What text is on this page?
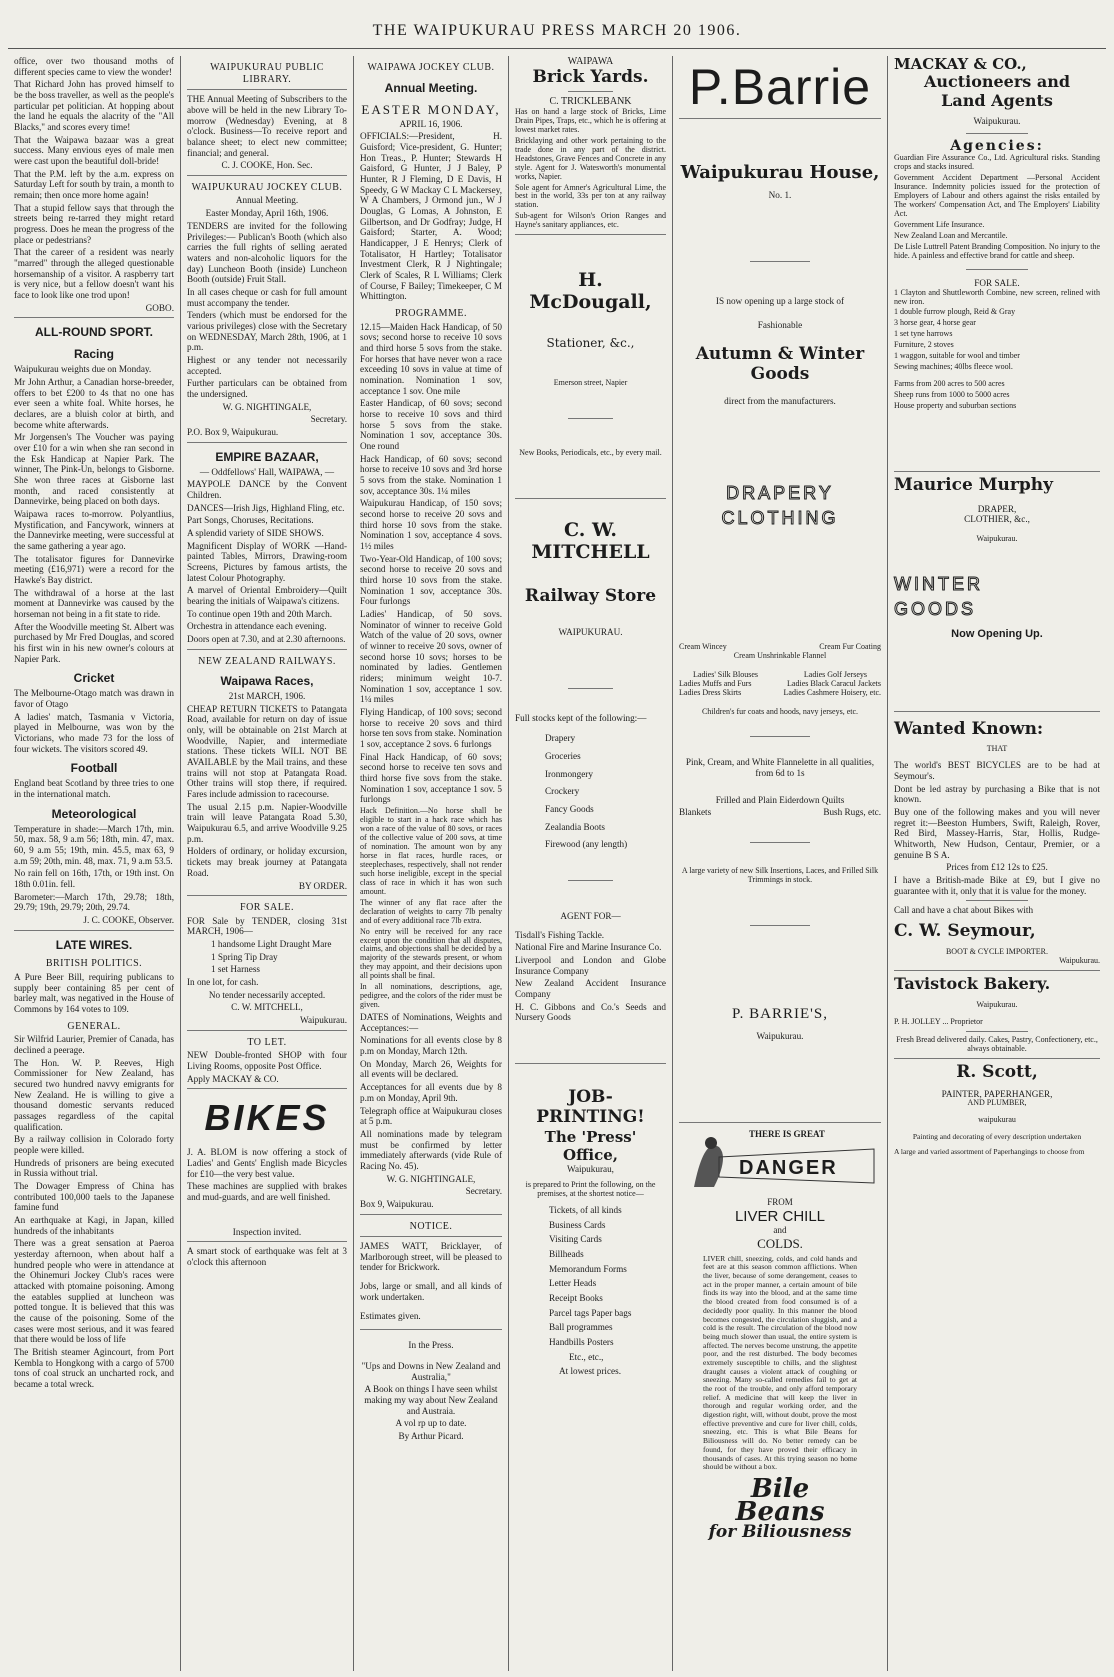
THE WAIPUKURAU PRESS MARCH 20 1906.

office, over two thousand moths of different species came to view the wonder!

That Richard John has proved himself to be the boss traveller, as well as the people's particular pet politician. At hopping about the land he equals the alacrity of the "All Blacks," and scores every time!

That the Waipawa bazaar was a great success. Many envious eyes of male men were cast upon the beautiful doll-bride!

That the P.M. left by the a.m. express on Saturday Left for south by train, a month to remain; then once more home again!

That a stupid fellow says that through the streets being re-tarred they might retard progress. Does he mean the progress of the place or pedestrians?

That the career of a resident was nearly "marred" through the alleged questionable horsemanship of a visitor. A raspberry tart is very nice, but a fellow doesn't want his face to look like one trod upon!

GOBO.

ALL-ROUND SPORT.
Racing

Waipukurau weights due on Monday.

Mr John Arthur, a Canadian horse-breeder, offers to bet £200 to 4s that no one has ever seen a white foal. White horses, he declares, are a bluish color at birth, and become white afterwards.

Mr Jorgensen's The Voucher was paying over £10 for a win when she ran second in the Esk Handicap at Napier Park. The winner, The Pink-Un, belongs to Gisborne. She won three races at Gisborne last month, and raced consistently at Dannevirke, being placed on both days.

Waipawa races to-morrow. Polyantlius, Mystification, and Fancywork, winners at the Dannevirke meeting, were successful at the same gathering a year ago.

The totalisator figures for Dannevirke meeting (£16,971) were a record for the Hawke's Bay district.

The withdrawal of a horse at the last moment at Dannevirke was caused by the horseman not being in a fit state to ride.

After the Woodville meeting St. Albert was purchased by Mr Fred Douglas, and scored his first win in his new owner's colours at Napier Park.

Cricket

The Melbourne-Otago match was drawn in favor of Otago

A ladies' match, Tasmania v Victoria, played in Melbourne, was won by the Victorians, who made 73 for the loss of four wickets. The visitors scored 49.

Football

England beat Scotland by three tries to one in the international match.

Meteorological

Temperature in shade:—March 17th, min. 50, max. 58, 9 a.m 56; 18th, min. 47, max. 60, 9 a.m 55; 19th, min. 45.5, max 63, 9 a.m 59; 20th, min. 48, max. 71, 9 a.m 53.5.

No rain fell on 16th, 17th, or 19th inst. On 18th 0.01in. fell.

Barometer:—March 17th, 29.78; 18th, 29.79; 19th, 29.79; 20th, 29.74.

J. C. COOKE, Observer.

LATE WIRES.
BRITISH POLITICS.

A Pure Beer Bill, requiring publicans to supply beer containing 85 per cent of barley malt, was negatived in the House of Commons by 164 votes to 109.

GENERAL.

Sir Wilfrid Laurier, Premier of Canada, has declined a peerage.

The Hon. W. P. Reeves, High Commissioner for New Zealand, has secured two hundred navvy emigrants for New Zealand. He is willing to give a thousand domestic servants reduced passages regardless of the capital qualification.

By a railway collision in Colorado forty people were killed.

Hundreds of prisoners are being executed in Russia without trial.

The Dowager Empress of China has contributed 100,000 taels to the Japanese famine fund

An earthquake at Kagi, in Japan, killed hundreds of the inhabitants

There was a great sensation at Paeroa yesterday afternoon, when about half a hundred people who were in attendance at the Ohinemuri Jockey Club's races were attacked with ptomaine poisoning. Among the eatables supplied at luncheon was potted tongue. It is believed that this was the cause of the poisoning. Some of the cases were most serious, and it was feared that there would be loss of life

The British steamer Agincourt, from Port Kembla to Hongkong with a cargo of 5700 tons of coal struck an uncharted rock, and became a total wreck.

WAIPUKURAU PUBLIC LIBRARY.

THE Annual Meeting of Subscribers to the above will be held in the new Library To-morrow (Wednesday) Evening, at 8 o'clock. Business—To receive report and balance sheet; to elect new committee; financial; and general.

C. J. COOKE, Hon. Sec.

WAIPUKURAU JOCKEY CLUB.

Annual Meeting.

Easter Monday, April 16th, 1906.

TENDERS are invited for the following Privileges:— Publican's Booth (which also carries the full rights of selling aerated waters and non-alcoholic liquors for the day) Luncheon Booth (inside) Luncheon Booth (outside) Fruit Stall.

In all cases cheque or cash for full amount must accompany the tender.

Tenders (which must be endorsed for the various privileges) close with the Secretary on WEDNESDAY, March 28th, 1906, at 1 p.m.

Highest or any tender not necessarily accepted.

Further particulars can be obtained from the undersigned.

W. G. NIGHTINGALE,

Secretary.

P.O. Box 9, Waipukurau.

EMPIRE BAZAAR,

— Oddfellows' Hall, WAIPAWA, —

MAYPOLE DANCE by the Convent Children.

DANCES—Irish Jigs, Highland Fling, etc.

Part Songs, Choruses, Recitations.

A splendid variety of SIDE SHOWS.

Magnificent Display of WORK —Hand-painted Tables, Mirrors, Drawing-room Screens, Pictures by famous artists, the latest Colour Photography.

A marvel of Oriental Embroidery—Quilt bearing the initials of Waipawa's citizens.

To continue open 19th and 20th March.

Orchestra in attendance each evening.

Doors open at 7.30, and at 2.30 afternoons.

NEW ZEALAND RAILWAYS.
Waipawa Races,

21st MARCH, 1906.

CHEAP RETURN TICKETS to Patangata Road, available for return on day of issue only, will be obtainable on 21st March at Woodville, Napier, and intermediate stations. These tickets WILL NOT BE AVAILABLE by the Mail trains, and these trains will not stop at Patangata Road. Other trains will stop there, if required. Fares include admission to racecourse.

The usual 2.15 p.m. Napier-Woodville train will leave Patangata Road 5.30, Waipukurau 6.5, and arrive Woodville 9.25 p.m.

Holders of ordinary, or holiday excursion, tickets may break journey at Patangata Road.

BY ORDER.

FOR SALE.

FOR Sale by TENDER, closing 31st MARCH, 1906—

1 handsome Light Draught Mare

1 Spring Tip Dray

1 set Harness

In one lot, for cash.

No tender necessarily accepted.

C. W. MITCHELL,

Waipukurau.

TO LET.

NEW Double-fronted SHOP with four Living Rooms, opposite Post Office.

Apply MACKAY & CO.

BIKES

J. A. BLOM is now offering a stock of Ladies' and Gents' English made Bicycles for £10—the very best value.

These machines are supplied with brakes and mud-guards, and are well finished.

Inspection invited.

A smart stock of earthquake was felt at 3 o'clock this afternoon

WAIPAWA JOCKEY CLUB.
Annual Meeting.
EASTER MONDAY,

APRIL 16, 1906.

OFFICIALS:—President, H. Guisford; Vice-president, G. Hunter; Hon Treas., P. Hunter; Stewards H Gaisford, G Hunter, J J Baley, P Hunter, R J Fleming, D E Davis, H Speedy, G W Mackay C L Mackersey, W A Chambers, J Ormond jun., W J Douglas, G Lomas, A Johnston, E Gilbertson, and Dr Godfray; Judge, H Gaisford; Starter, A. Wood; Handicapper, J E Henrys; Clerk of Totalisator, H Hartley; Totalisator Investment Clerk, R J Nightingale; Clerk of Scales, R L Williams; Clerk of Course, F Bailey; Timekeeper, C M Whittington.

PROGRAMME.

12.15—Maiden Hack Handicap, of 50 sovs; second horse to receive 10 sovs and third horse 5 sovs from the stake. For horses that have never won a race exceeding 10 sovs in value at time of nomination. Nomination 1 sov, acceptance 1 sov. One mile

Easter Handicap, of 60 sovs; second horse to receive 10 sovs and third horse 5 sovs from the stake. Nomination 1 sov, acceptance 30s. One round

Hack Handicap, of 60 sovs; second horse to receive 10 sovs and 3rd horse 5 sovs from the stake. Nomination 1 sov, acceptance 30s. 1¼ miles

Waipukurau Handicap, of 150 sovs; second horse to receive 20 sovs and third horse 10 sovs from the stake. Nomination 1 sov, acceptance 4 sovs. 1½ miles

Two-Year-Old Handicap, of 100 sovs; second horse to receive 20 sovs and third horse 10 sovs from the stake. Nomination 1 sov, acceptance 30s. Four furlongs

Ladies' Handicap, of 50 sovs. Nominator of winner to receive Gold Watch of the value of 20 sovs, owner of winner to receive 20 sovs, owner of second horse 10 sovs; horses to be nominated by ladies. Gentlemen riders; minimum weight 10-7. Nomination 1 sov, acceptance 1 sov. 1¼ miles

Flying Handicap, of 100 sovs; second horse to receive 20 sovs and third horse ten sovs from stake. Nomination 1 sov, acceptance 2 sovs. 6 furlongs

Final Hack Handicap, of 60 sovs; second horse to receive ten sovs and third horse five sovs from the stake. Nomination 1 sov, acceptance 1 sov. 5 furlongs

Hack Definition.—No horse shall be eligible to start in a hack race which has won a race of the value of 80 sovs, or races of the collective value of 200 sovs, at time of nomination. The amount won by any horse in flat races, hurdle races, or steeplechases, respectively, shall not render such horse ineligible, except in the special class of race in which it has won such amount.

The winner of any flat race after the declaration of weights to carry 7lb penalty and of every additional race 7lb extra.

No entry will be received for any race except upon the condition that all disputes, claims, and objections shall be decided by a majority of the stewards present, or whom they may appoint, and their decisions upon all points shall be final.

In all nominations, descriptions, age, pedigree, and the colors of the rider must be given.

DATES of Nominations, Weights and Acceptances:—

Nominations for all events close by 8 p.m on Monday, March 12th.

On Monday, March 26, Weights for all events will be declared.

Acceptances for all events due by 8 p.m on Monday, April 9th.

Telegraph office at Waipukurau closes at 5 p.m.

All nominations made by telegram must be confirmed by letter immediately afterwards (vide Rule of Racing No. 45).

W. G. NIGHTINGALE,

Secretary.

Box 9, Waipukurau.

NOTICE.

JAMES WATT, Bricklayer, of Marlborough street, will be pleased to tender for Brickwork.

Jobs, large or small, and all kinds of work undertaken.

Estimates given.

In the Press.

"Ups and Downs in New Zealand and Australia,"

A Book on things I have seen whilst making my way about New Zealand and Austraia.

A vol rp up to date.

By Arthur Picard.

WAIPAWA
Brick Yards.
C. TRICKLEBANK

Has on hand a large stock of Bricks, Lime Drain Pipes, Traps, etc., which he is offering at lowest market rates.

Bricklaying and other work pertaining to the trade done in any part of the district. Headstones, Grave Fences and Concrete in any style. Agent for J. Watesworth's monumental works, Napier.

Sole agent for Amner's Agricultural Lime, the best in the world, 33s per ton at any railway station.

Sub-agent for Wilson's Orion Ranges and Hayne's sanitary appliances, etc.

H. McDougall,
Stationer, &c.,
Emerson street, Napier
New Books, Periodicals, etc., by every mail.
C. W. MITCHELL
Railway Store
WAIPUKURAU.

Full stocks kept of the following:—

Drapery

Groceries

Ironmongery

Crockery

Fancy Goods

Zealandia Boots

Firewood (any length)

AGENT FOR—

Tisdall's Fishing Tackle.

National Fire and Marine Insurance Co.

Liverpool and London and Globe Insurance Company

New Zealand Accident Insurance Company

H. C. Gibbons and Co.'s Seeds and Nursery Goods

JOB-PRINTING!
The 'Press' Office,
Waipukurau,
is prepared to Print the following, on the premises, at the shortest notice—

Tickets, of all kinds

Business Cards

Visiting Cards

Billheads

Memorandum Forms

Letter Heads

Receipt Books

Parcel tags Paper bags

Ball programmes

Handbills Posters

Etc., etc.,

At lowest prices.

P.Barrie
Waipukurau House,
No. 1.
IS now opening up a large stock of
Fashionable
Autumn & Winter Goods
direct from the manufacturers.
DRAPERY
CLOTHING
Cream Wincey	Cream Fur Coating
Cream Unshrinkable Flannel
Ladies' Silk Blouses	Ladies Golf Jerseys
Ladies Muffs and Furs	Ladies Black Caracul Jackets
Ladies Dress Skirts	Ladies Cashmere Hoisery, etc.
Children's fur coats and hoods, navy jerseys, etc.

Pink, Cream, and White Flannelette in all qualities, from 6d to 1s

Frilled and Plain Eiderdown Quilts

Blankets	Bush Rugs, etc.

A large variety of new Silk Insertions, Laces, and Frilled Silk Trimmings in stock.

P. BARRIE'S,
Waipukurau.
THERE IS GREAT
DANGER
FROM
LIVER CHILL
and
COLDS.

LIVER chill, sneezing, colds, and cold hands and feet are at this season common afflictions. When the liver, because of some derangement, ceases to act in the proper manner, a certain amount of bile finds its way into the blood, and at the same time the blood created from food consumed is of a decidedly poor quality. In this manner the blood becomes congested, the circulation sluggish, and a cold is the result. The circulation of the blood now being much slower than usual, the entire system is affected. The nerves become unstrung, the appetite poor, and the rest disturbed. The body becomes extremely susceptible to chills, and the slightest draught causes a violent attack of coughing or sneezing. Many so-called remedies fail to get at the root of the trouble, and only afford temporary relief. A medicine that will keep the liver in thorough and regular working order, and the digestion right, will, without doubt, prove the most effective preventive and cure for liver chill, colds, sneezing, etc. This is what Bile Beans for Biliousness will do. No better remedy can be found, for they have proved their efficacy in thousands of cases. At this trying season no home should be without a box.

Bile
Beans
for Biliousness
MACKAY & CO.,
Auctioneers and
Land Agents
Waipukurau.
Agencies:

Guardian Fire Assurance Co., Ltd. Agricultural risks. Standing crops and stacks insured.

Government Accident Department —Personal Accident Insurance. Indemnity policies issued for the protection of Employers of Labour and others against the risks entailed by The workers' Compensation Act, and The Employers' Liability Act.

Government Life Insurance.

New Zealand Loan and Mercantile.

De Lisle Luttrell Patent Branding Composition. No injury to the hide. A painless and effective brand for cattle and sheep.

FOR SALE.

1 Clayton and Shuttleworth Combine, new screen, relined with new iron.

1 double furrow plough, Reid & Gray

3 horse gear, 4 horse gear

1 set tyne harrows

Furniture, 2 stoves

1 waggon, suitable for wool and timber

Sewing machines; 40lbs fleece wool.

Farms from 200 acres to 500 acres

Sheep runs from 1000 to 5000 acres

House property and suburban sections

Maurice Murphy
DRAPER,
CLOTHIER, &c.,
Waipukurau.
WINTER
GOODS
Now Opening Up.
Wanted Known:
THAT

The world's BEST BICYCLES are to be had at Seymour's.

Dont be led astray by purchasing a Bike that is not known.

Buy one of the following makes and you will never regret it:—Beeston Humbers, Swift, Raleigh, Rover, Red Bird, Massey-Harris, Star, Hollis, Rudge-Whitworth, New Hudson, Centaur, Premier, or a genuine B S A.

Prices from £12 12s to £25.

I have a British-made Bike at £9, but I give no guarantee with it, only that it is value for the money.

Call and have a chat about Bikes with

C. W. Seymour,
BOOT & CYCLE IMPORTER.
Waipukurau.
Tavistock Bakery.
Waipukurau.
P. H. JOLLEY ... Proprietor
Fresh Bread delivered daily. Cakes, Pastry, Confectionery, etc., always obtainable.
R. Scott,
PAINTER, PAPERHANGER,
AND PLUMBER,
waipukurau
Painting and decorating of every description undertaken
A large and varied assortment of Paperhangings to choose from
